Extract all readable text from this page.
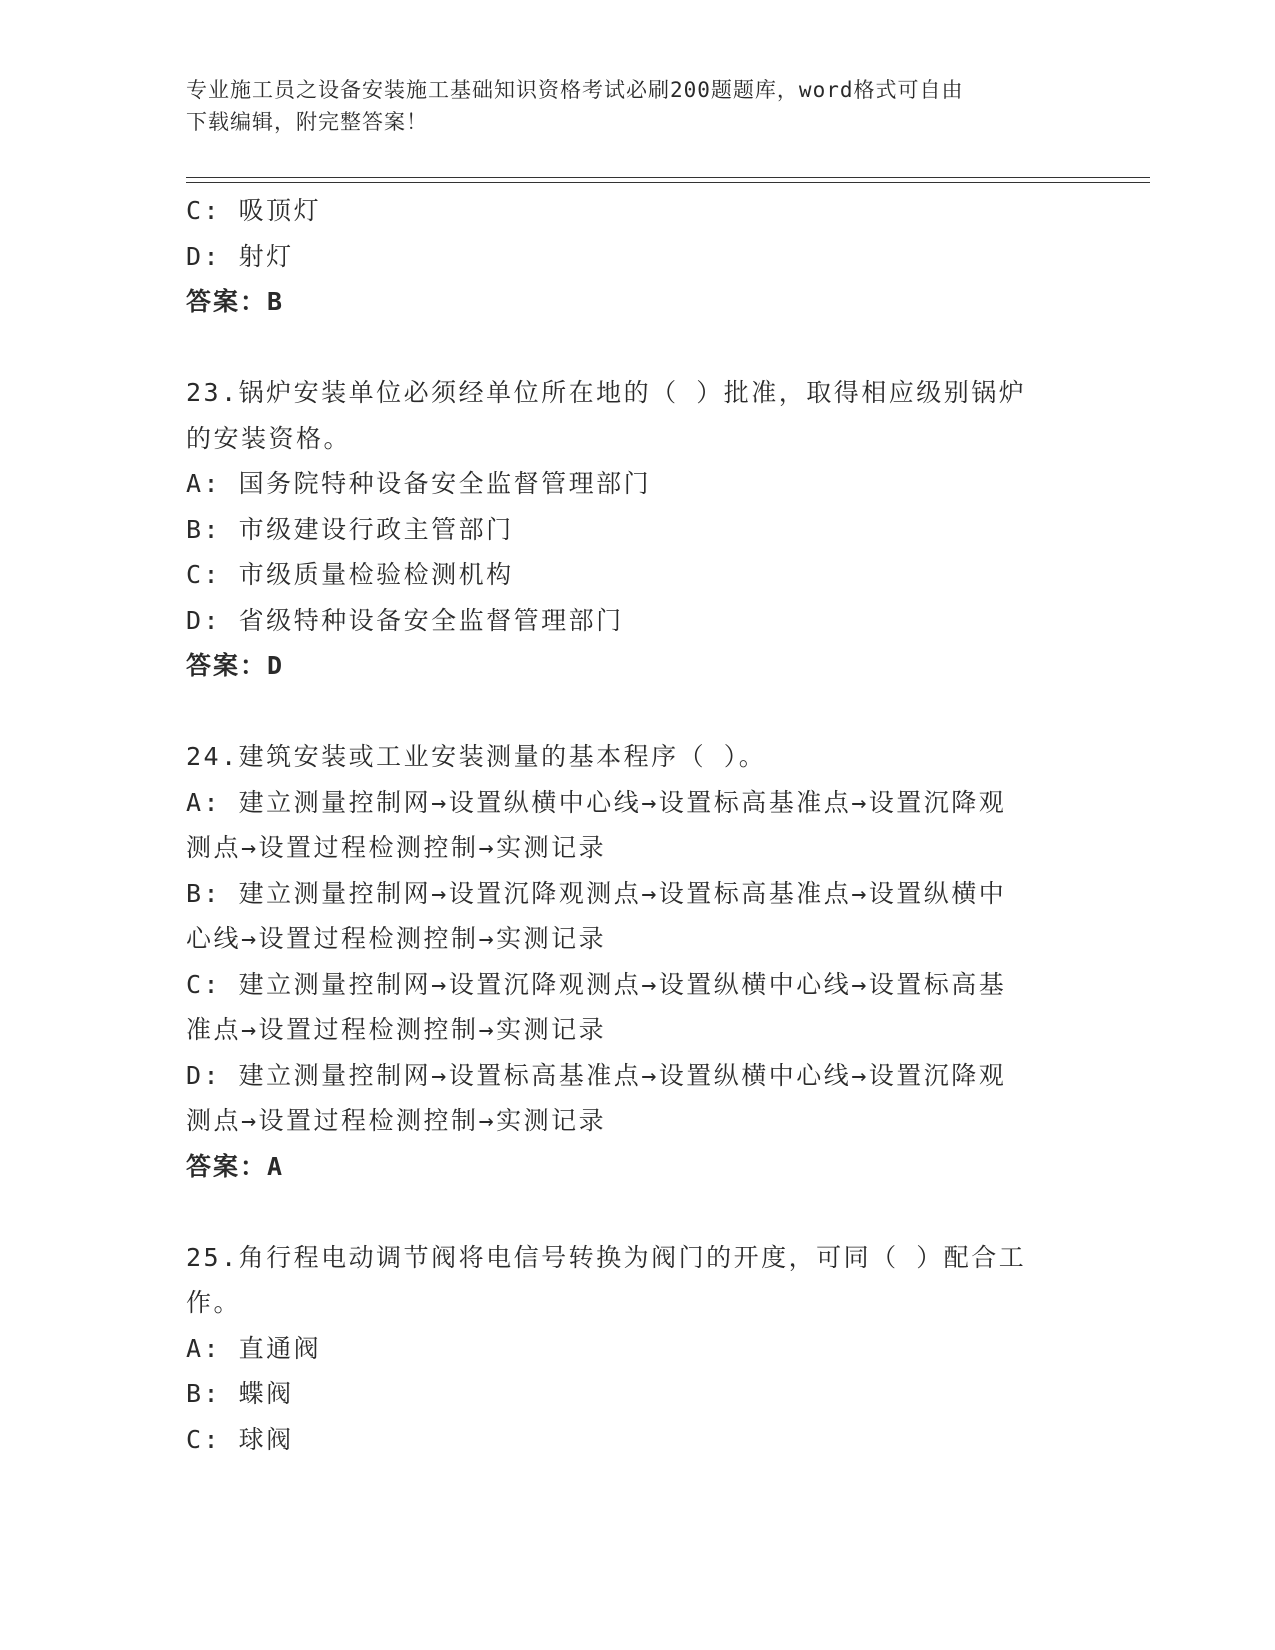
专业施工员之设备安装施工基础知识资格考试必刷200题题库，word格式可自由
下载编辑，附完整答案！
C: 吸顶灯
D: 射灯
答案：B
23.锅炉安装单位必须经单位所在地的（ ）批准，取得相应级别锅炉
的安装资格。
A: 国务院特种设备安全监督管理部门
B: 市级建设行政主管部门
C: 市级质量检验检测机构
D: 省级特种设备安全监督管理部门
答案：D
24.建筑安装或工业安装测量的基本程序（ ）。
A: 建立测量控制网→设置纵横中心线→设置标高基准点→设置沉降观
测点→设置过程检测控制→实测记录
B: 建立测量控制网→设置沉降观测点→设置标高基准点→设置纵横中
心线→设置过程检测控制→实测记录
C: 建立测量控制网→设置沉降观测点→设置纵横中心线→设置标高基
准点→设置过程检测控制→实测记录
D: 建立测量控制网→设置标高基准点→设置纵横中心线→设置沉降观
测点→设置过程检测控制→实测记录
答案：A
25.角行程电动调节阀将电信号转换为阀门的开度，可同（ ）配合工
作。
A: 直通阀
B: 蝶阀
C: 球阀
